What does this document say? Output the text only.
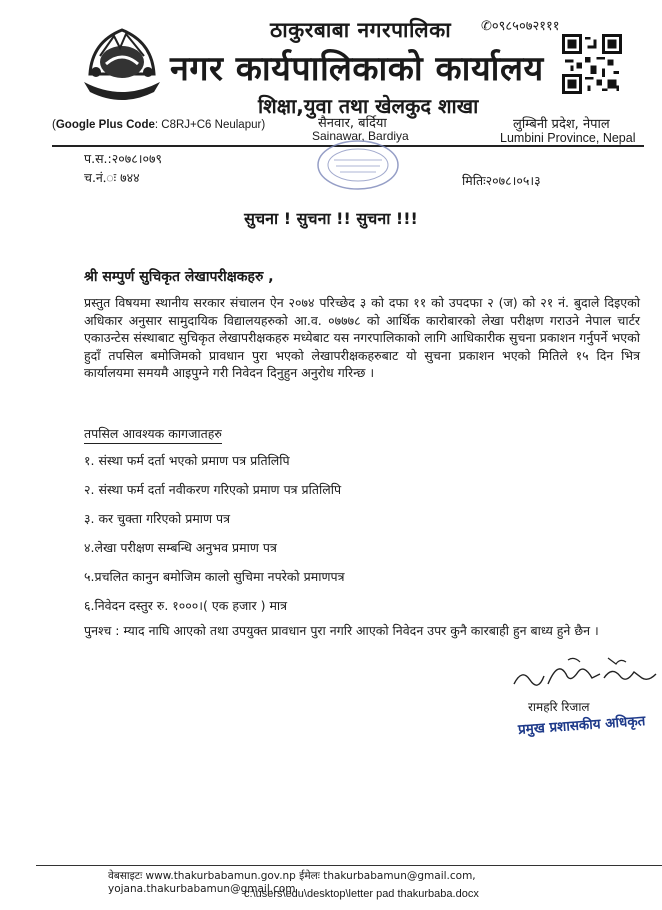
ठाकुरबाबा नगरपालिका
नगर कार्यपालिकाको कार्यालय
शिक्षा,युवा तथा खेलकुद शाखा
✆०९८५०७२१११
(Google Plus Code: C8RJ+C6 Neulapur)	सैनवार, बर्दिया
Sainawar, Bardiya
लुम्बिनी प्रदेश, नेपाल
Lumbini Province, Nepal
प.स.:२०७८।०७९
च.नं.ः ७४४	मितिः२०७८।०५।३
सुचना ! सुचना !! सुचना !!!
श्री सम्पुर्ण सुचिकृत लेखापरीक्षकहरु ,
प्रस्तुत विषयमा स्थानीय सरकार संचालन ऐन २०७४ परिच्छेद ३ को दफा ११ को उपदफा २ (ज) को २१ नं. बुदाले दिइएको अधिकार अनुसार सामुदायिक विद्यालयहरुको आ.व. ०७७७८ को आर्थिक कारोबारको लेखा परीक्षण गराउने नेपाल चार्टर एकाउन्टेस संस्थाबाट सुचिकृत लेखापरीक्षकहरु मध्येबाट यस नगरपालिकाको लागि आधिकारीक सुचना प्रकाशन गर्नुपर्ने भएको हुदाँ तपसिल बमोजिमको प्रावधान पुरा भएको लेखापरीक्षकहरुबाट यो सुचना प्रकाशन भएको मितिले १५ दिन भित्र कार्यालयमा समयमै आइपुग्ने गरी निवेदन दिनुहुन अनुरोध गरिन्छ ।
तपसिल आवश्यक कागजातहरु
१. संस्था फर्म दर्ता भएको प्रमाण पत्र प्रतिलिपि
२. संस्था फर्म दर्ता नवीकरण गरिएको प्रमाण पत्र प्रतिलिपि
३. कर चुक्ता गरिएको प्रमाण पत्र
४.लेखा परीक्षण सम्बन्धि अनुभव प्रमाण पत्र
५.प्रचलित कानुन बमोजिम कालो सुचिमा नपरेको प्रमाणपत्र
६.निवेदन दस्तुर रु. १०००।( एक हजार ) मात्र
पुनश्च : म्याद नाघि आएको तथा उपयुक्त प्रावधान पुरा नगरि आएको निवेदन उपर कुनै कारबाही हुन बाध्य हुने छैन ।
रामहरि रिजाल
प्रमुख प्रशासकीय अधिकृत
वेबसाइटः www.thakurbabamun.gov.np ईमेलः thakurbabamun@gmail.com, yojana.thakurbabamun@gmail.com
c:\users\edu\desktop\letter pad thakurbaba.docx
